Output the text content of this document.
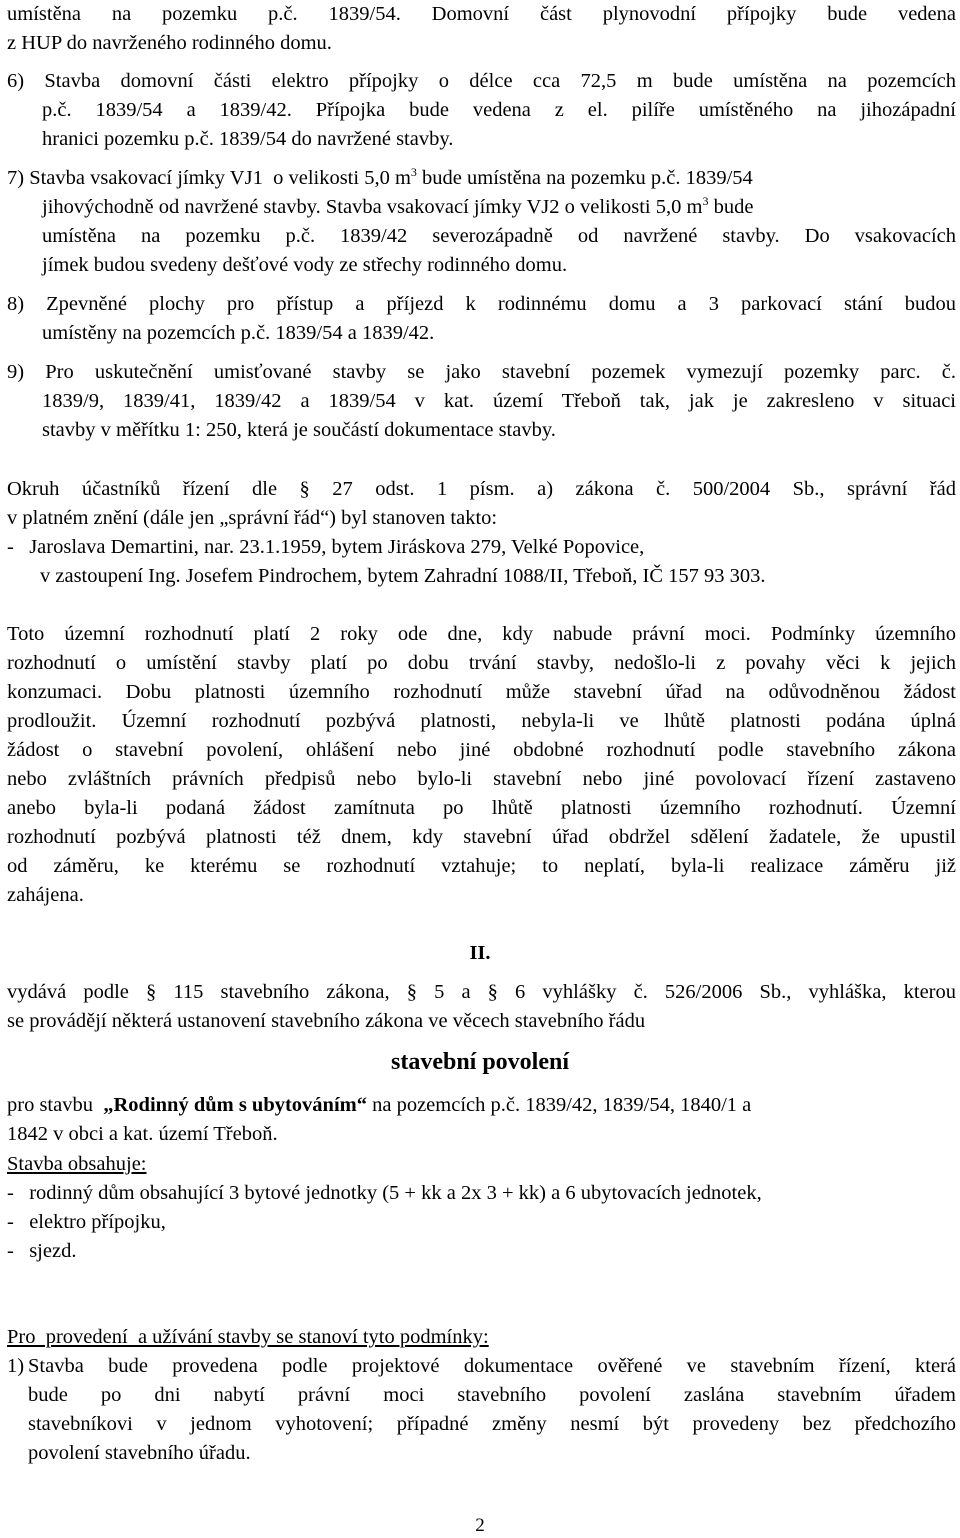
umístěna na pozemku p.č. 1839/54. Domovní část plynovodní přípojky bude vedena
z HUP do navrženého rodinného domu.
6) Stavba domovní části elektro přípojky o délce cca 72,5 m bude umístěna na pozemcích
p.č. 1839/54 a 1839/42. Přípojka bude vedena z el. pilíře umístěného na jihozápadní
hranici pozemku p.č. 1839/54 do navržené stavby.
7) Stavba vsakovací jímky VJ1  o velikosti 5,0 $m^3$ bude umístěna na pozemku p.č. 1839/54
jihovýchodně od navržené stavby. Stavba vsakovací jímky VJ2 o velikosti 5,0 $m^3$ bude
umístěna na pozemku p.č. 1839/42 severozápadně od navržené stavby. Do vsakovacích
jímek budou svedeny dešťové vody ze střechy rodinného domu.
8) Zpevněné plochy pro přístup a příjezd k rodinnému domu a 3 parkovací stání budou
umístěny na pozemcích p.č. 1839/54 a 1839/42.
9) Pro uskutečnění umisťované stavby se jako stavební pozemek vymezují pozemky parc. č.
1839/9, 1839/41, 1839/42 a 1839/54 v kat. území Třeboň tak, jak je zakresleno v situaci
stavby v měřítku 1: 250, která je součástí dokumentace stavby.
Okruh účastníků řízení dle § 27 odst. 1 písm. a) zákona č. 500/2004 Sb., správní řád
v platném znění (dále jen „správní řád“) byl stanoven takto:
-   Jaroslava Demartini, nar. 23.1.1959, bytem Jiráskova 279, Velké Popovice,
v zastoupení Ing. Josefem Pindrochem, bytem Zahradní 1088/II, Třeboň, IČ 157 93 303.
Toto územní rozhodnutí platí 2 roky ode dne, kdy nabude právní moci. Podmínky územního
rozhodnutí o umístění stavby platí po dobu trvání stavby, nedošlo-li z povahy věci k jejich
konzumaci. Dobu platnosti územního rozhodnutí může stavební úřad na odůvodněnou žádost
prodloužit. Územní rozhodnutí pozbývá platnosti, nebyla-li ve lhůtě platnosti podána úplná
žádost o stavební povolení, ohlášení nebo jiné obdobné rozhodnutí podle stavebního zákona
nebo zvláštních právních předpisů nebo bylo-li stavební nebo jiné povolovací řízení zastaveno
anebo byla-li podaná žádost zamítnuta po lhůtě platnosti územního rozhodnutí. Územní
rozhodnutí pozbývá platnosti též dnem, kdy stavební úřad obdržel sdělení žadatele, že upustil
od záměru, ke kterému se rozhodnutí vztahuje; to neplatí, byla-li realizace záměru již
zahájena.
II.
vydává podle § 115 stavebního zákona, § 5 a § 6 vyhlášky č. 526/2006 Sb., vyhláška, kterou
se provádějí některá ustanovení stavebního zákona ve věcech stavebního řádu
stavební povolení
pro stavbu  „Rodinný dům s ubytováním“ na pozemcích p.č. 1839/42, 1839/54, 1840/1 a
1842 v obci a kat. území Třeboň.
Stavba obsahuje:
-   rodinný dům obsahující 3 bytové jednotky (5 + kk a 2x 3 + kk) a 6 ubytovacích jednotek,
-   elektro přípojku,
-   sjezd.
Pro  provedení  a užívání stavby se stanoví tyto podmínky:
1) Stavba bude provedena podle projektové dokumentace ověřené ve stavebním řízení, která
bude po dni nabytí právní moci stavebního povolení zaslána stavebním úřadem
stavebníkovi v jednom vyhotovení; případné změny nesmí být provedeny bez předchozího
povolení stavebního úřadu.
2
